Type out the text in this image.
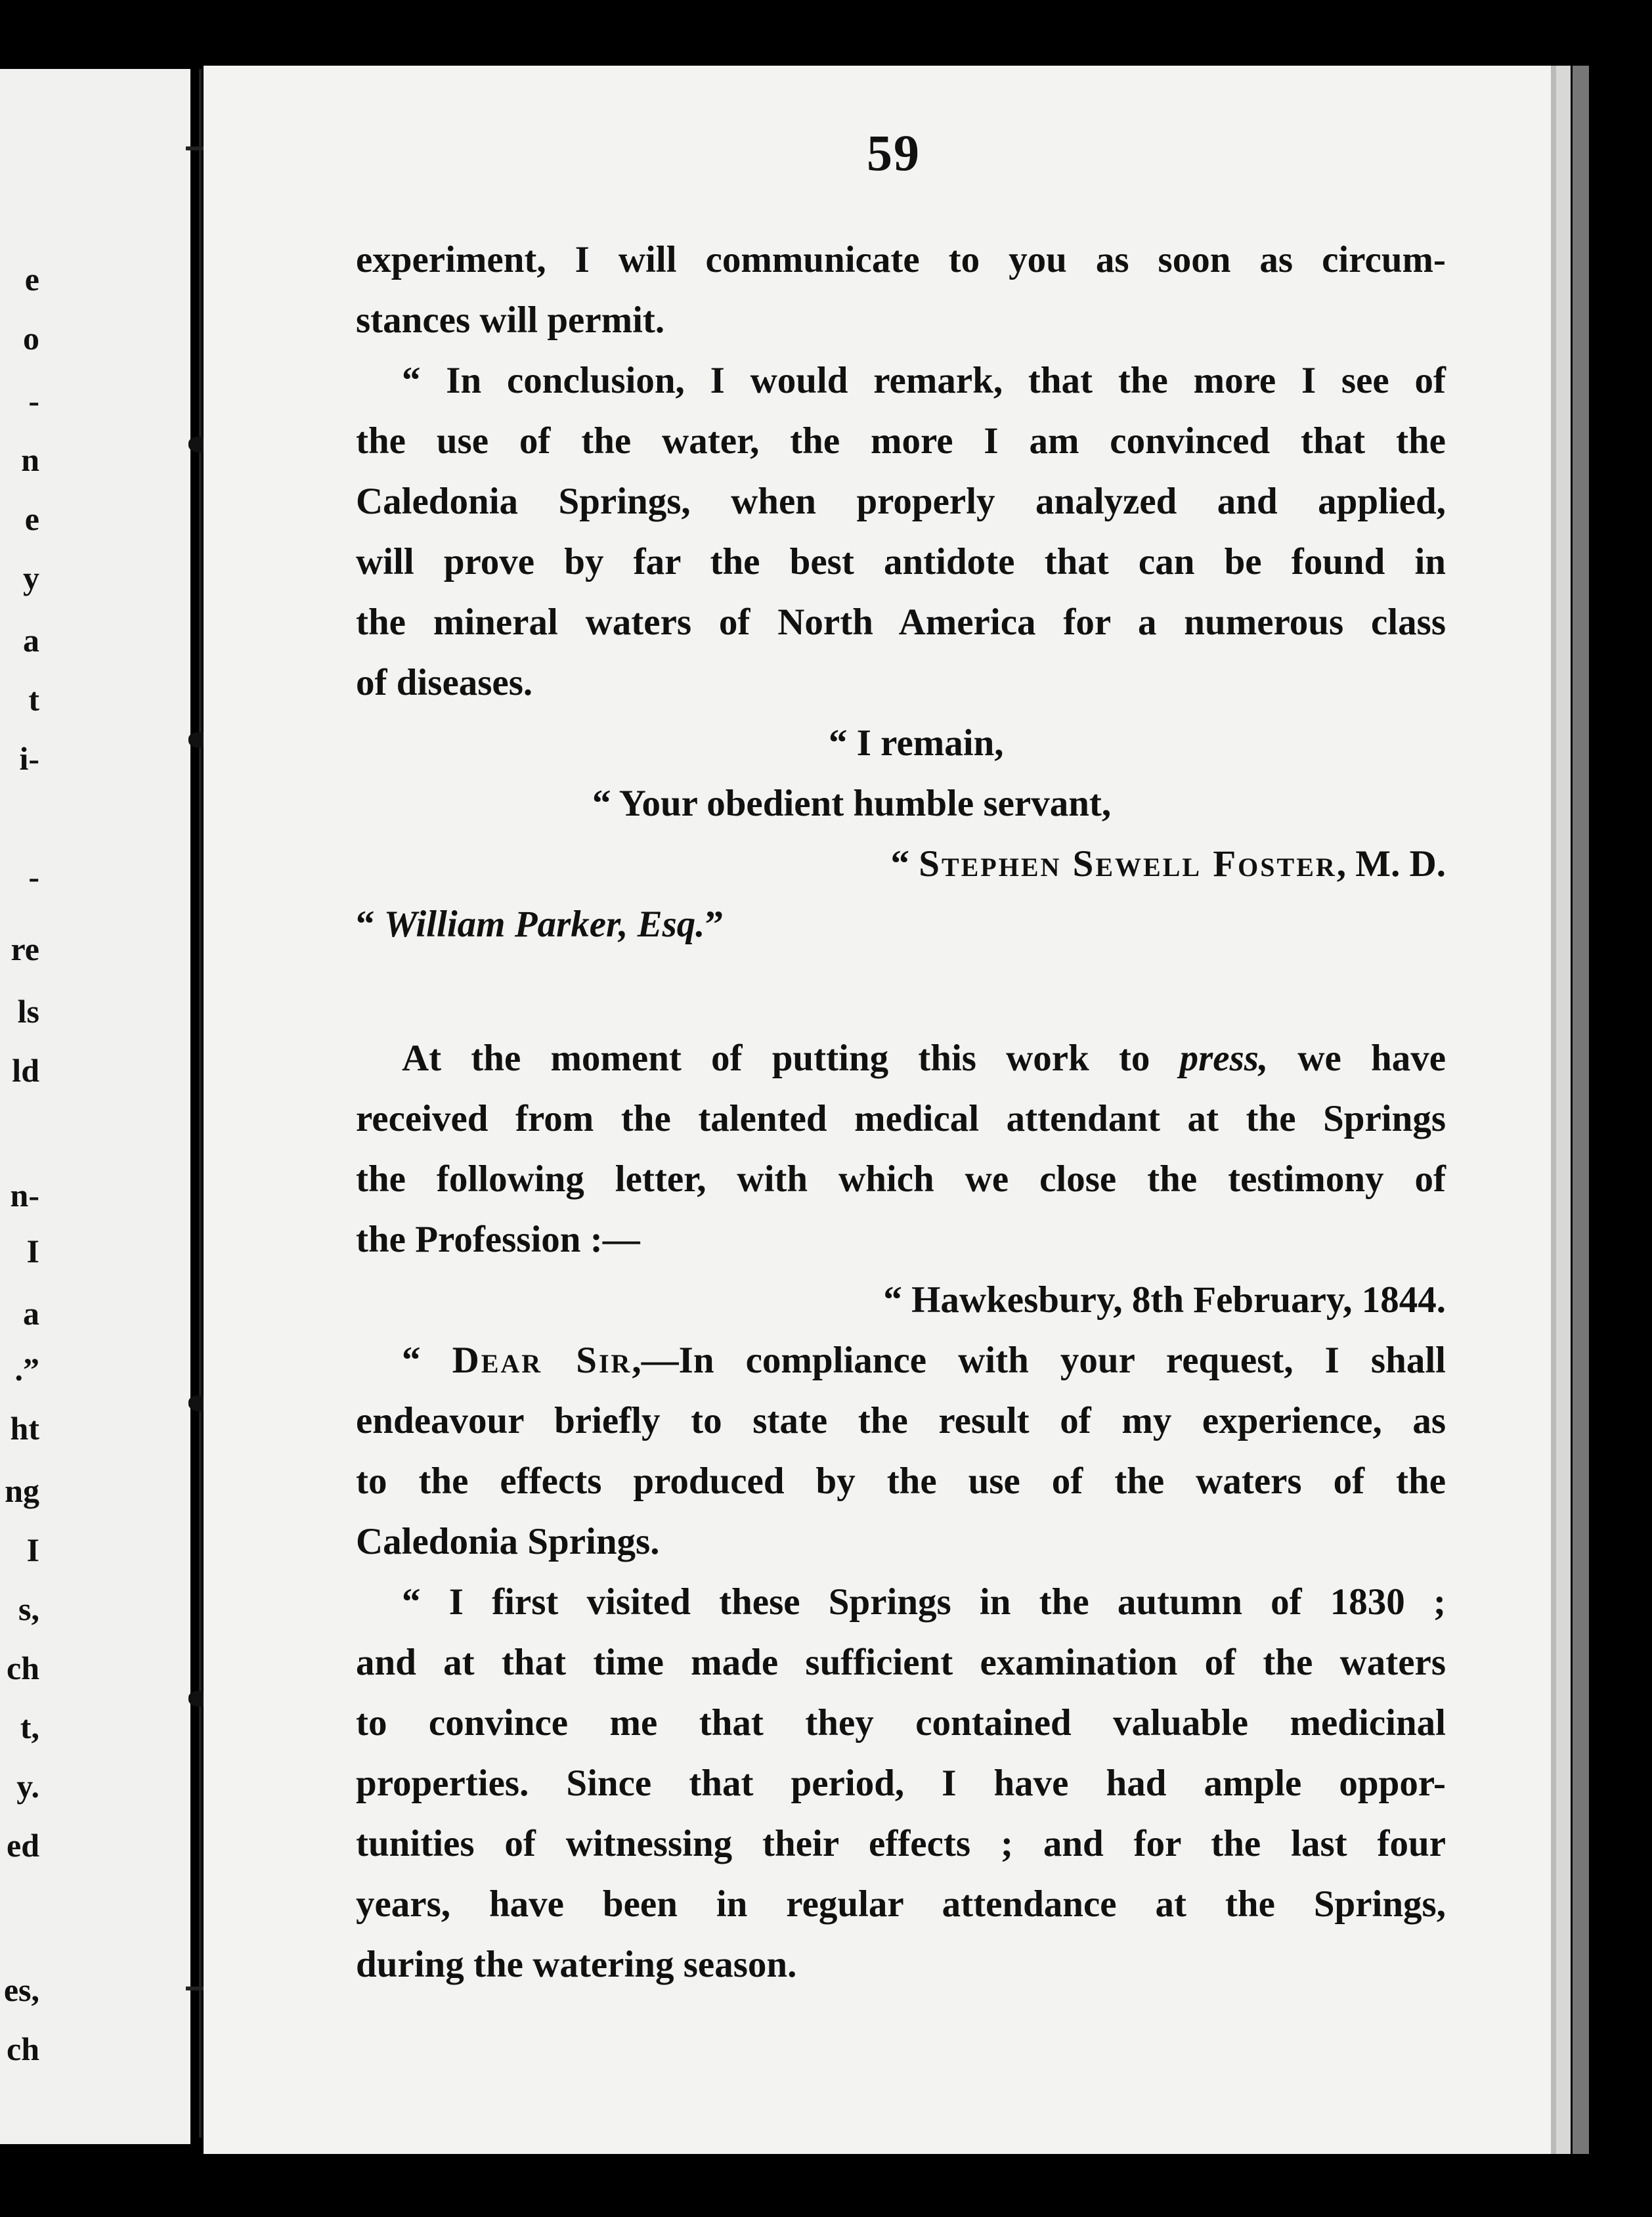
e
o
-
n
e
y
a
t
i-
-
re
ls
ld
n-
I
a
.”
ht
ng
I
s,
ch
t,
y.
ed
es,
ch
59

experiment, I will communicate to you as soon as circum-

stances will permit.

“ In conclusion, I would remark, that the more I see of

the use of the water, the more I am convinced that the

Caledonia Springs, when properly analyzed and applied,

will prove by far the best antidote that can be found in

the mineral waters of North America for a numerous class

of diseases.

“ I remain,

“ Your obedient humble servant,

“ Stephen Sewell Foster, M. D.

“ William Parker, Esq.”

At the moment of putting this work to press, we have

received from the talented medical attendant at the Springs

the following letter, with which we close the testimony of

the Profession :—

“ Hawkesbury, 8th February, 1844.

“ Dear Sir,—In compliance with your request, I shall

endeavour briefly to state the result of my experience, as

to the effects produced by the use of the waters of the

Caledonia Springs.

“ I first visited these Springs in the autumn of 1830 ;

and at that time made sufficient examination of the waters

to convince me that they contained valuable medicinal

properties. Since that period, I have had ample oppor-

tunities of witnessing their effects ; and for the last four

years, have been in regular attendance at the Springs,

during the watering season.
